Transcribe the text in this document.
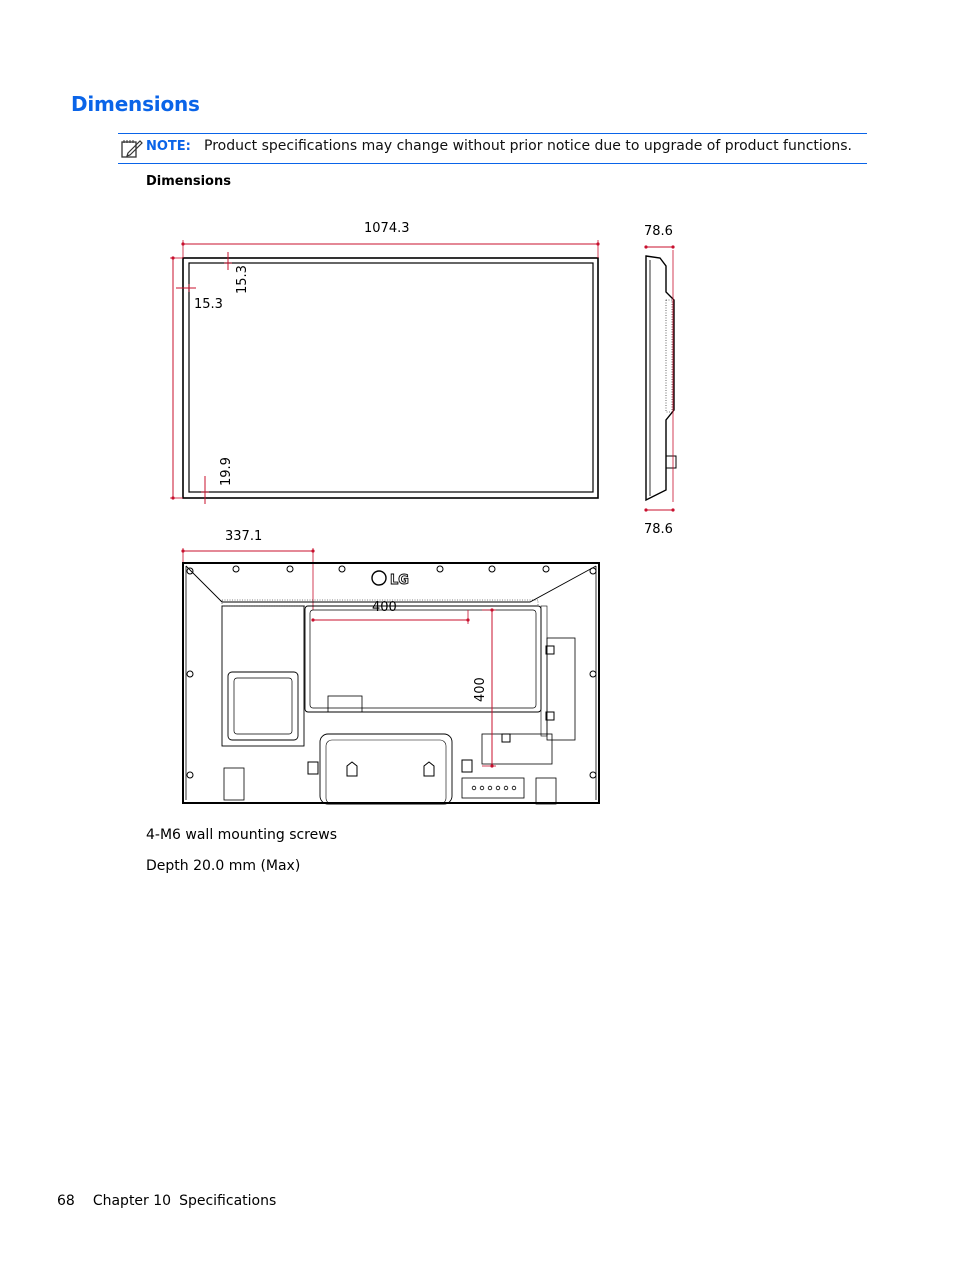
Dimensions
NOTE: Product specifications may change without prior notice due to upgrade of product functions.
Dimensions
1074.3
15.3
15.3
19.9
78.6
78.6
337.1
LG
400
400
4-M6 wall mounting screws
Depth 20.0 mm (Max)
68 Chapter 10 Specifications
